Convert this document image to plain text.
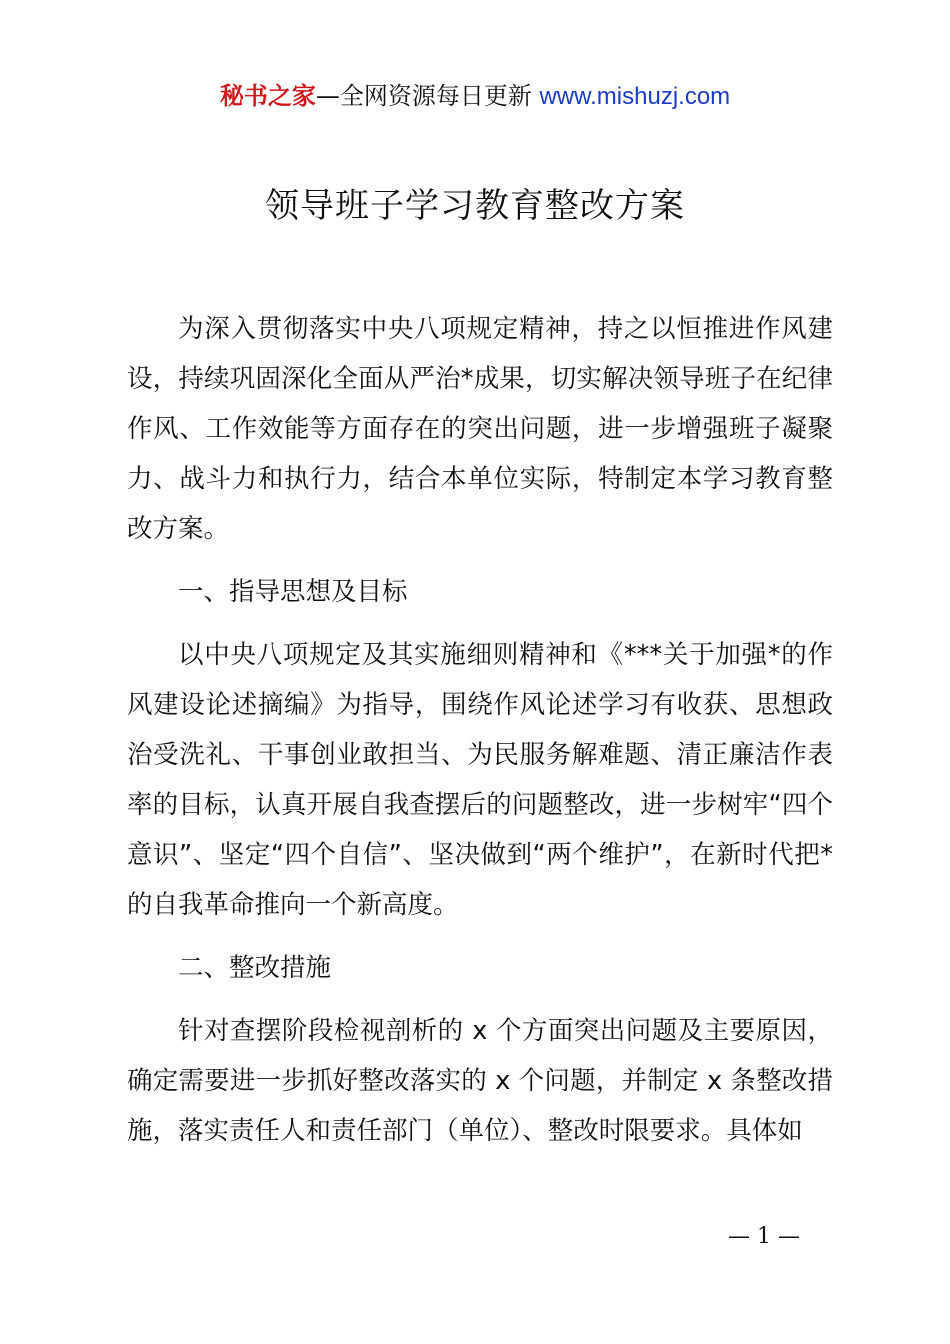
秘书之家—全网资源每日更新 www.mishuzj.com
领导班子学习教育整改方案

为深入贯彻落实中央八项规定精神，持之以恒推进作风建设，持续巩固深化全面从严治*成果，切实解决领导班子在纪律作风、工作效能等方面存在的突出问题，进一步增强班子凝聚力、战斗力和执行力，结合本单位实际，特制定本学习教育整改方案。

一、指导思想及目标

以中央八项规定及其实施细则精神和《***关于加强*的作风建设论述摘编》为指导，围绕作风论述学习有收获、思想政治受洗礼、干事创业敢担当、为民服务解难题、清正廉洁作表率的目标，认真开展自我查摆后的问题整改，进一步树牢“四个意识”、坚定“四个自信”、坚决做到“两个维护”，在新时代把*的自我革命推向一个新高度。

二、整改措施

针对查摆阶段检视剖析的 x 个方面突出问题及主要原因，确定需要进一步抓好整改落实的 x 个问题，并制定 x 条整改措施，落实责任人和责任部门（单位）、整改时限要求。具体如

— 1 —
